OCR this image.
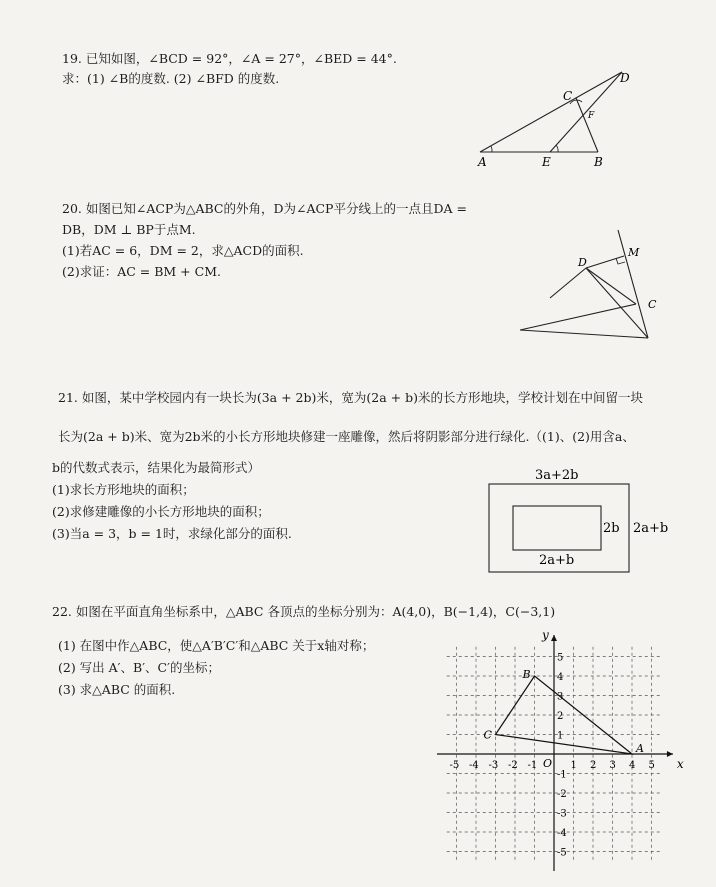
19. 已知如图，∠BCD = 92°，∠A = 27°，∠BED = 44°.
求：(1) ∠B的度数. (2) ∠BFD 的度数.
A	E	B
C
D
F
20. 如图已知∠ACP为△ABC的外角，D为∠ACP平分线上的一点且DA =
DB，DM ⊥ BP于点M.
(1)若AC = 6，DM = 2，求△ACD的面积.
(2)求证：AC = BM + CM.
D
M
C
21. 如图，某中学校园内有一块长为(3a + 2b)米，宽为(2a + b)米的长方形地块，学校计划在中间留一块
长为(2a + b)米、宽为2b米的小长方形地块修建一座雕像，然后将阴影部分进行绿化.（(1)、(2)用含a、
b的代数式表示，结果化为最简形式）
(1)求长方形地块的面积；
(2)求修建雕像的小长方形地块的面积；
(3)当a = 3，b = 1时，求绿化部分的面积.
3a+2b
2a+b
2b
2a+b
22. 如图在平面直角坐标系中，△ABC 各顶点的坐标分别为：A(4,0)，B(−1,4)，C(−3,1)
(1) 在图中作△ABC，使△A′B′C′和△ABC 关于x轴对称；
(2) 写出 A′、B′、C′的坐标；
(3) 求△ABC 的面积.
x
y
O
-5 -4 -3 -2 -1	1 2 3 4 5
5
4
3
2
1
-1
-2
-3
-4
-5
A
B
C
